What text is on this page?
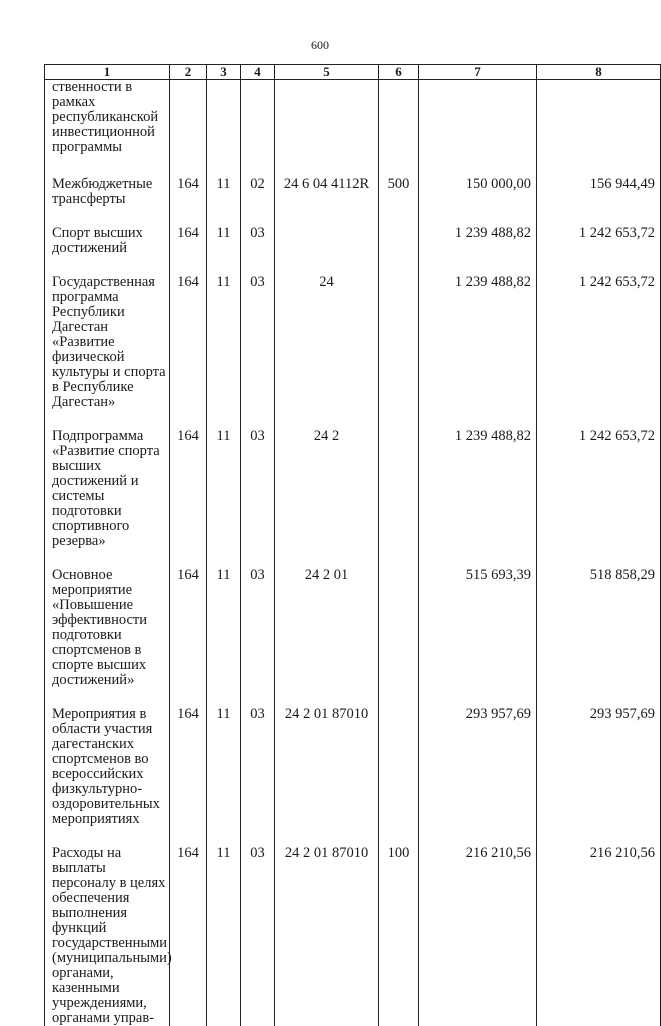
600
1	2	3	4	5	6	7	8
ственности в рамках республиканской инвестиционной программы							
Межбюджетные трансферты	164	11	02	24 6 04 4112R	500	150 000,00	156 944,49
Спорт высших достижений	164	11	03			1 239 488,82	1 242 653,72
Государственная программа Республики Дагестан «Развитие физической культуры и спорта в Республике Дагестан»	164	11	03	24		1 239 488,82	1 242 653,72
Подпрограмма «Развитие спорта высших достижений и системы подготовки спортивного резерва»	164	11	03	24 2		1 239 488,82	1 242 653,72
Основное мероприятие «Повышение эффективности подготовки спортсменов в спорте высших достижений»	164	11	03	24 2 01		515 693,39	518 858,29
Мероприятия в области участия дагестанских спортсменов во всероссийских физкультурно-оздоровительных мероприятиях	164	11	03	24 2 01 87010		293 957,69	293 957,69
Расходы на выплаты персоналу в целях обеспечения выполнения функций государственными (муниципальными) органами, казенными учреждениями, органами управ-	164	11	03	24 2 01 87010	100	216 210,56	216 210,56
